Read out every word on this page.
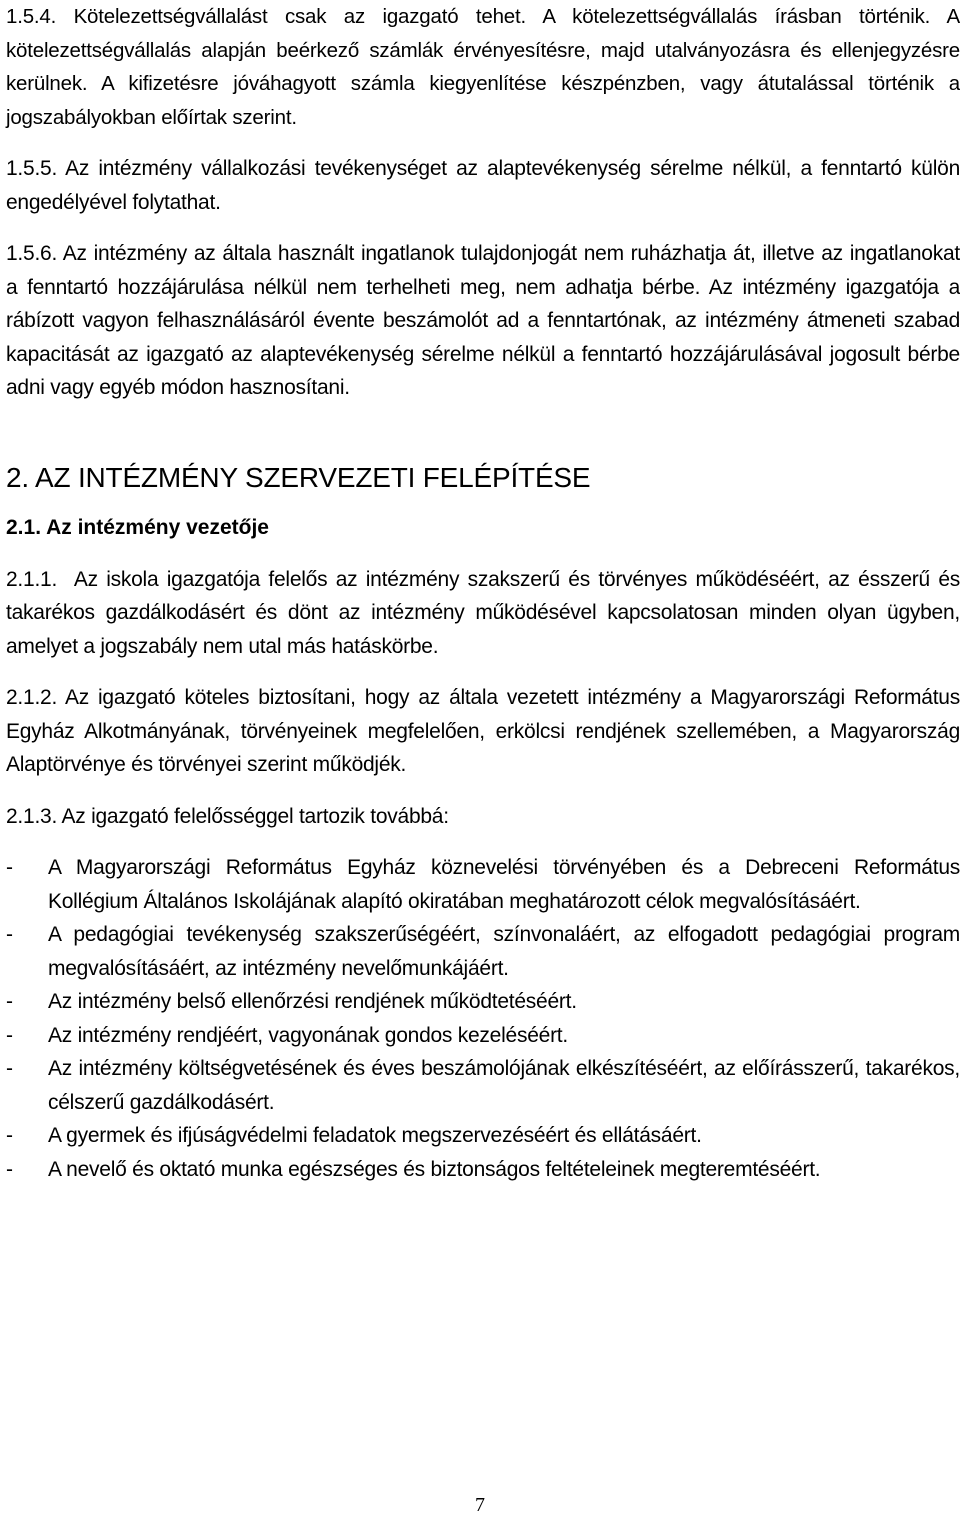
1.5.4. Kötelezettségvállalást csak az igazgató tehet. A kötelezettségvállalás írásban történik. A kötelezettségvállalás alapján beérkező számlák érvényesítésre, majd utalványozásra és ellenjegyzésre kerülnek. A kifizetésre jóváhagyott számla kiegyenlítése készpénzben, vagy átutalással történik a jogszabályokban előírtak szerint.

1.5.5. Az intézmény vállalkozási tevékenységet az alaptevékenység sérelme nélkül, a fenntartó külön engedélyével folytathat.

1.5.6. Az intézmény az általa használt ingatlanok tulajdonjogát nem ruházhatja át, illetve az ingatlanokat a fenntartó hozzájárulása nélkül nem terhelheti meg, nem adhatja bérbe. Az intézmény igazgatója a rábízott vagyon felhasználásáról évente beszámolót ad a fenntartónak, az intézmény átmeneti szabad kapacitását az igazgató az alaptevékenység sérelme nélkül a fenntartó hozzájárulásával jogosult bérbe adni vagy egyéb módon hasznosítani.

2. AZ INTÉZMÉNY SZERVEZETI FELÉPÍTÉSE
2.1. Az intézmény vezetője

2.1.1. Az iskola igazgatója felelős az intézmény szakszerű és törvényes működéséért, az ésszerű és takarékos gazdálkodásért és dönt az intézmény működésével kapcsolatosan minden olyan ügyben, amelyet a jogszabály nem utal más hatáskörbe.

2.1.2. Az igazgató köteles biztosítani, hogy az általa vezetett intézmény a Magyarországi Református Egyház Alkotmányának, törvényeinek megfelelően, erkölcsi rendjének szellemében, a Magyarország Alaptörvénye és törvényei szerint működjék.

2.1.3. Az igazgató felelősséggel tartozik továbbá:

- A Magyarországi Református Egyház köznevelési törvényében és a Debreceni Református Kollégium Általános Iskolájának alapító okiratában meghatározott célok megvalósításáért.
- A pedagógiai tevékenység szakszerűségéért, színvonaláért, az elfogadott pedagógiai program megvalósításáért, az intézmény nevelőmunkájáért.
- Az intézmény belső ellenőrzési rendjének működtetéséért.
- Az intézmény rendjéért, vagyonának gondos kezeléséért.
- Az intézmény költségvetésének és éves beszámolójának elkészítéséért, az előírásszerű, takarékos, célszerű gazdálkodásért.
- A gyermek és ifjúságvédelmi feladatok megszervezéséért és ellátásáért.
- A nevelő és oktató munka egészséges és biztonságos feltételeinek megteremtéséért.
7
